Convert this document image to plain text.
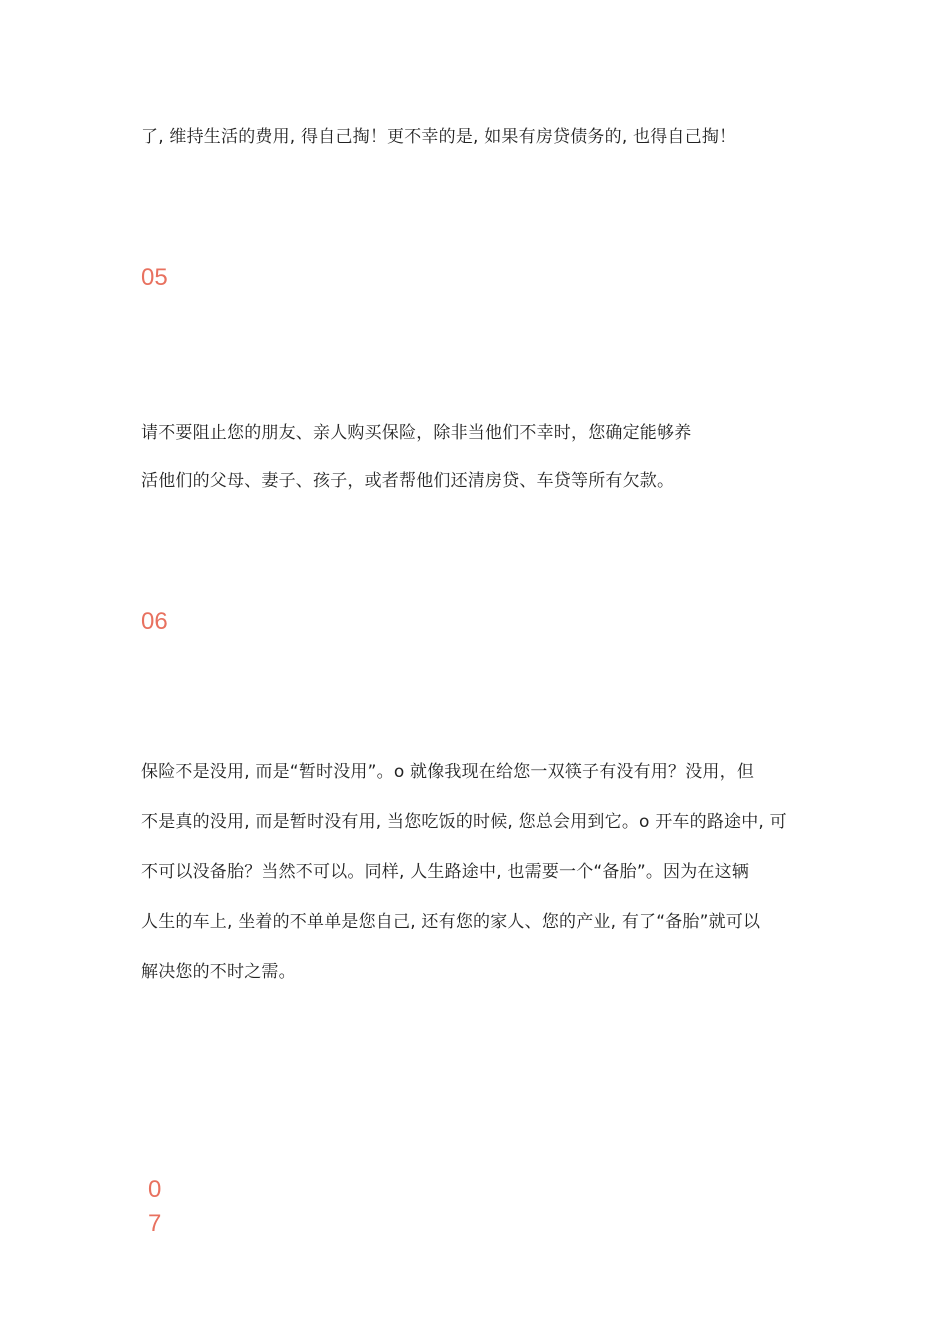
了, 维持生活的费用, 得自己掏！更不幸的是, 如果有房贷债务的, 也得自己掏！
05
请不要阻止您的朋友、亲人购买保险，除非当他们不幸时，您确定能够养
活他们的父母、妻子、孩子，或者帮他们还清房贷、车贷等所有欠款。
06
保险不是没用, 而是“暂时没用”。o 就像我现在给您一双筷子有没有用？没用，但
不是真的没用, 而是暂时没有用, 当您吃饭的时候, 您总会用到它。o 开车的路途中, 可
不可以没备胎？当然不可以。同样, 人生路途中, 也需要一个“备胎”。因为在这辆
人生的车上, 坐着的不单单是您自己, 还有您的家人、您的产业, 有了“备胎”就可以
解决您的不时之需。
0
7
